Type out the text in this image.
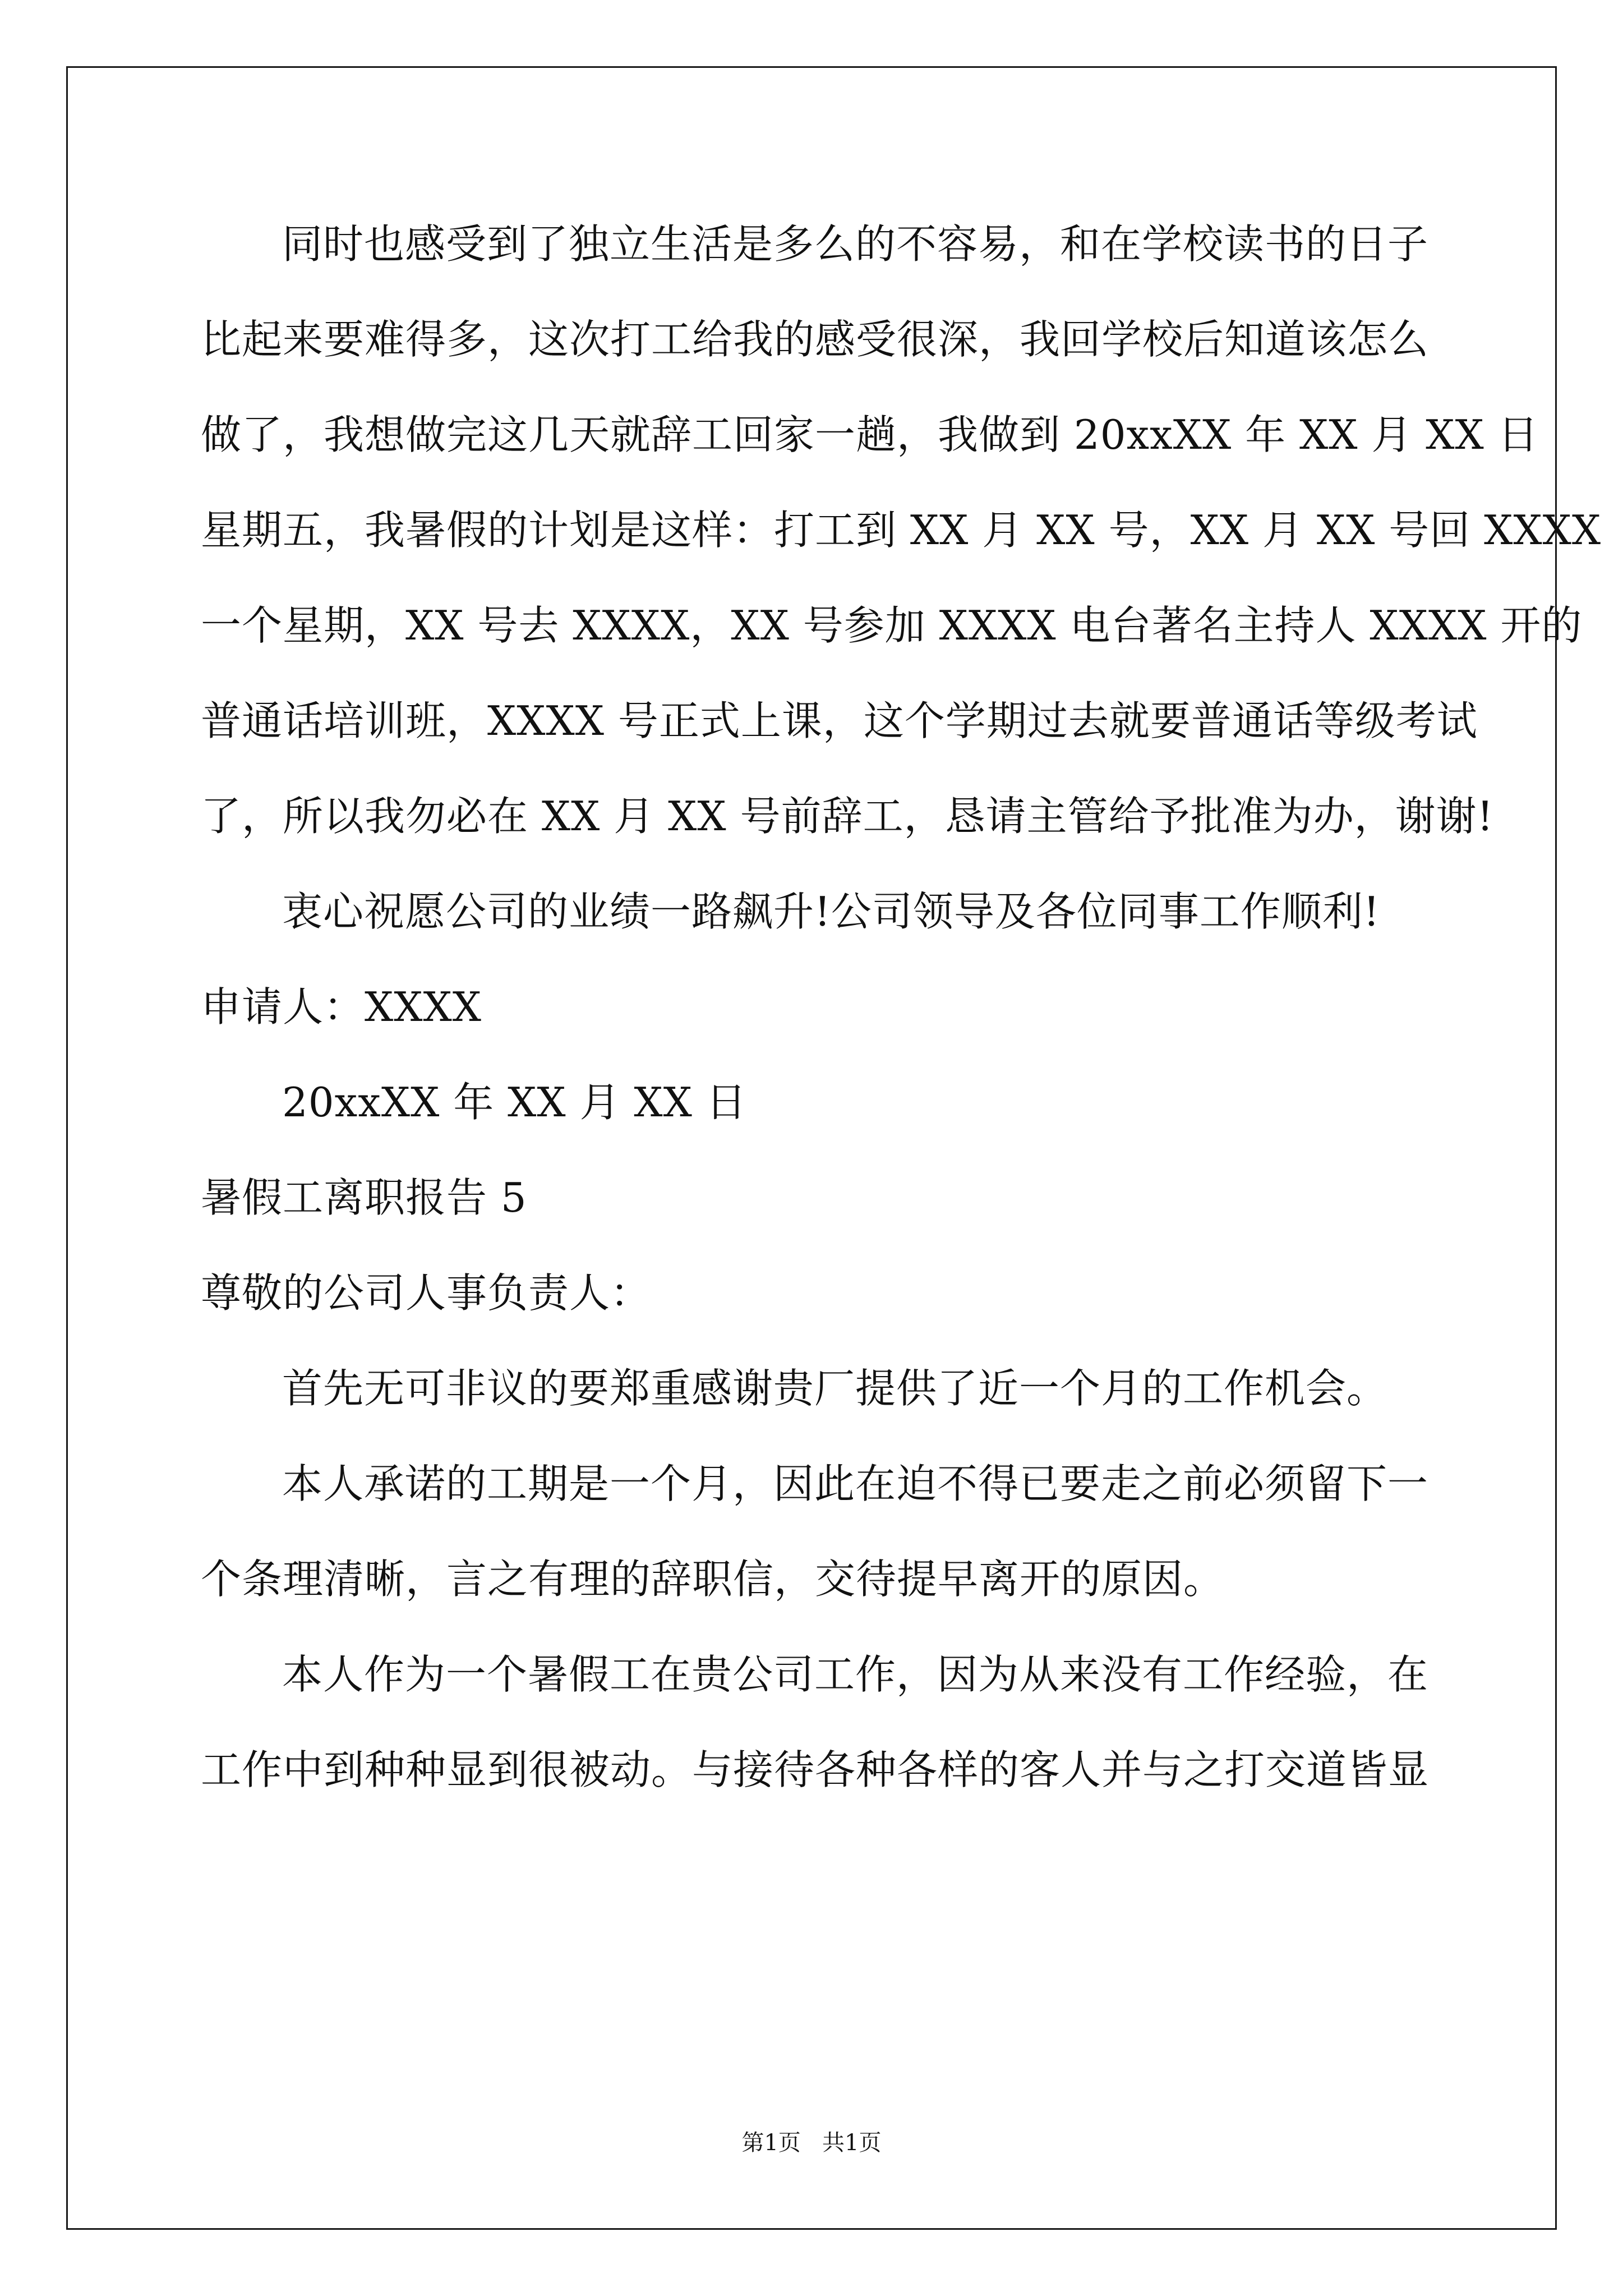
同时也感受到了独立生活是多么的不容易，和在学校读书的日子
比起来要难得多，这次打工给我的感受很深，我回学校后知道该怎么
做了，我想做完这几天就辞工回家一趟，我做到 20xxXX 年 XX 月 XX 日
星期五，我暑假的计划是这样：打工到 XX 月 XX 号，XX 月 XX 号回 XXXX
一个星期，XX 号去 XXXX，XX 号参加 XXXX 电台著名主持人 XXXX 开的
普通话培训班，XXXX 号正式上课，这个学期过去就要普通话等级考试
了，所以我勿必在 XX 月 XX 号前辞工，恳请主管给予批准为办，谢谢!
衷心祝愿公司的业绩一路飙升!公司领导及各位同事工作顺利!
申请人：XXXX
20xxXX 年 XX 月 XX 日
暑假工离职报告 5
尊敬的公司人事负责人：
首先无可非议的要郑重感谢贵厂提供了近一个月的工作机会。
本人承诺的工期是一个月，因此在迫不得已要走之前必须留下一
个条理清晰，言之有理的辞职信，交待提早离开的原因。
本人作为一个暑假工在贵公司工作，因为从来没有工作经验，在
工作中到种种显到很被动。与接待各种各样的客人并与之打交道皆显
第1页   共1页
